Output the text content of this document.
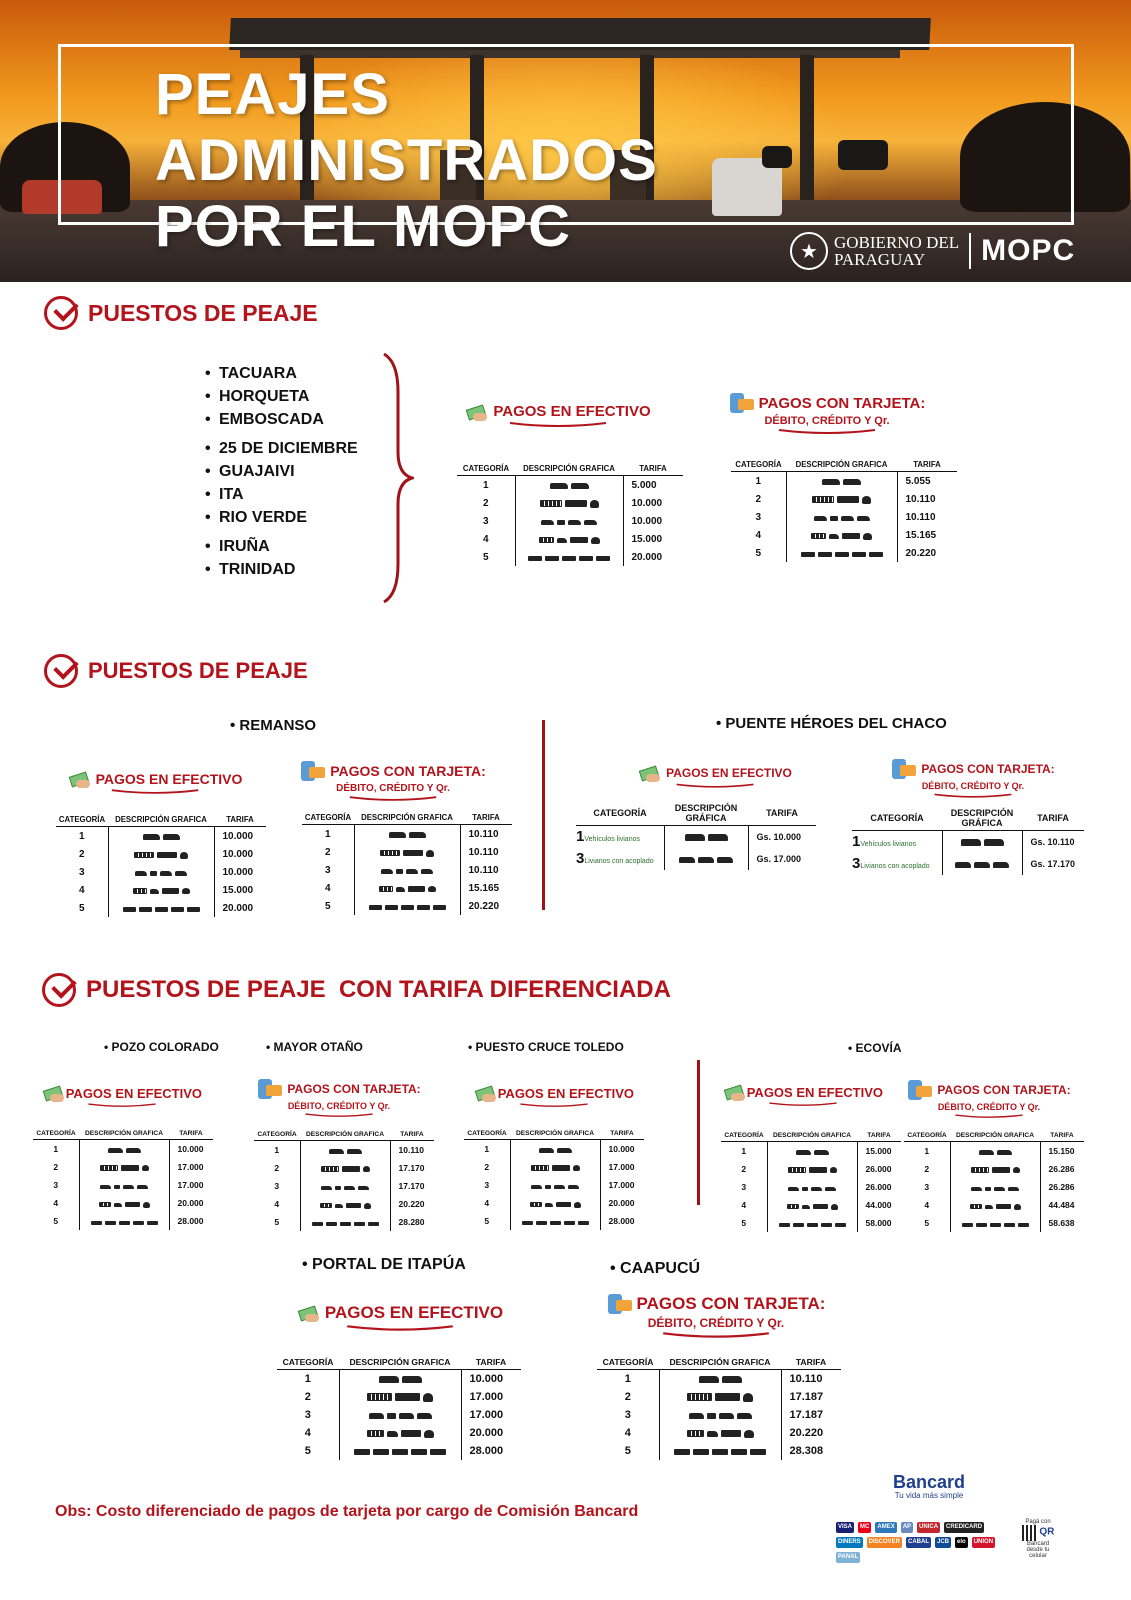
PEAJES
ADMINISTRADOS
POR EL MOPC	★ GOBIERNO DEL
PARAGUAY	MOPC
PUESTOS DE PEAJE
• TACUARA
• HORQUETA
• EMBOSCADA
• 25 DE DICIEMBRE
• GUAJAIVI
• ITA
• RIO VERDE
• IRUÑA
• TRINIDAD
PAGOS EN EFECTIVO	PAGOS CON TARJETA:
DÉBITO, CRÉDITO Y Qr.
CATEGORÍA	DESCRIPCIÓN GRAFICA	TARIFA
1		5.000
2		10.000
3		10.000
4		15.000
5		20.000
CATEGORÍA	DESCRIPCIÓN GRAFICA	TARIFA
1		5.055
2		10.110
3		10.110
4		15.165
5		20.220
PUESTOS DE PEAJE
• REMANSO	• PUENTE HÉROES DEL CHACO
PAGOS EN EFECTIVO	PAGOS CON TARJETA:
DÉBITO, CRÉDITO Y Qr.
CATEGORÍA	DESCRIPCIÓN GRAFICA	TARIFA
1		10.000
2		10.000
3		10.000
4		15.000
5		20.000
CATEGORÍA	DESCRIPCIÓN GRAFICA	TARIFA
1		10.110
2		10.110
3		10.110
4		15.165
5		20.220
PAGOS EN EFECTIVO	PAGOS CON TARJETA:
DÉBITO, CRÉDITO Y Qr.
CATEGORÍA	DESCRIPCIÓN GRÁFICA	TARIFA
1Vehículos livianos		Gs. 10.000
3Livianos con acoplado		Gs. 17.000
CATEGORÍA	DESCRIPCIÓN GRÁFICA	TARIFA
1Vehículos livianos		Gs. 10.110
3Livianos con acoplado		Gs. 17.170
PUESTOS DE PEAJE  CON TARIFA DIFERENCIADA
• POZO COLORADO	• MAYOR OTAÑO	• PUESTO CRUCE TOLEDO	• ECOVÍA
PAGOS EN EFECTIVO	PAGOS CON TARJETA:
DÉBITO, CRÉDITO Y Qr.
PAGOS EN EFECTIVO	PAGOS EN EFECTIVO	PAGOS CON TARJETA:
DÉBITO, CRÉDITO Y Qr.
CATEGORÍA	DESCRIPCIÓN GRAFICA	TARIFA
1		10.000
2		17.000
3		17.000
4		20.000
5		28.000
CATEGORÍA	DESCRIPCIÓN GRAFICA	TARIFA
1		10.110
2		17.170
3		17.170
4		20.220
5		28.280
CATEGORÍA	DESCRIPCIÓN GRAFICA	TARIFA
1		10.000
2		17.000
3		17.000
4		20.000
5		28.000
CATEGORÍA	DESCRIPCIÓN GRAFICA	TARIFA
1		15.000
2		26.000
3		26.000
4		44.000
5		58.000
CATEGORÍA	DESCRIPCIÓN GRAFICA	TARIFA
1		15.150
2		26.286
3		26.286
4		44.484
5		58.638
• PORTAL DE ITAPÚA	• CAAPUCÚ
PAGOS EN EFECTIVO	PAGOS CON TARJETA:
DÉBITO, CRÉDITO Y Qr.
CATEGORÍA	DESCRIPCIÓN GRAFICA	TARIFA
1		10.000
2		17.000
3		17.000
4		20.000
5		28.000
CATEGORÍA	DESCRIPCIÓN GRAFICA	TARIFA
1		10.110
2		17.187
3		17.187
4		20.220
5		28.308
Obs: Costo diferenciado de pagos de tarjeta por cargo de Comisión Bancard
Bancard
Tu vida más simple
VISA	MC	AMEX	AP	UNICA	CREDICARD
DINERS	DISCOVER	CABAL	JCB	elo	UNION
PANAL
Pagá con
QR
Bancard desde tu celular
